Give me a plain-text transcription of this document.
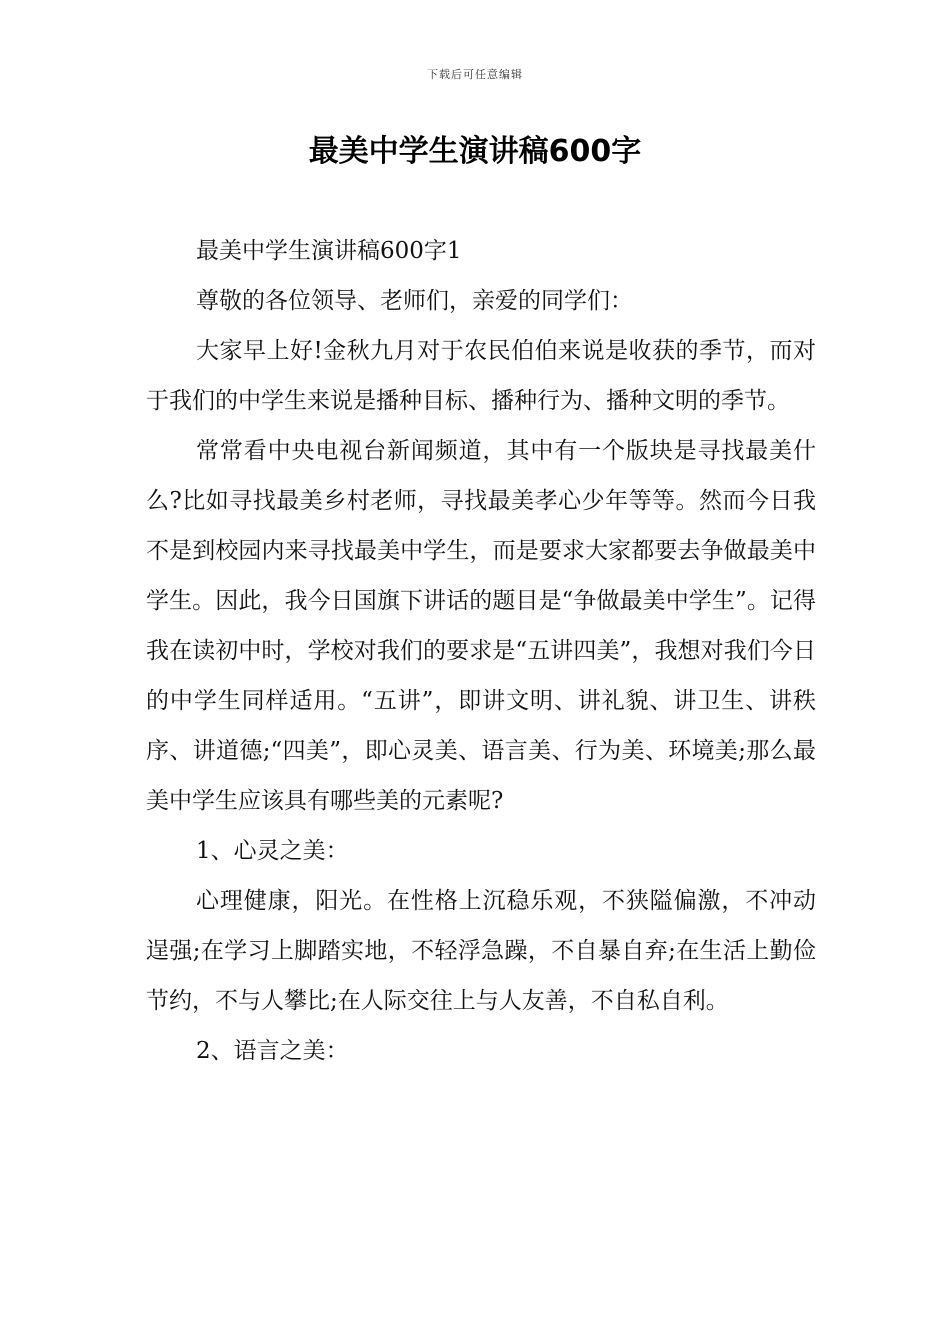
下载后可任意编辑
最美中学生演讲稿600字

最美中学生演讲稿600字1

尊敬的各位领导、老师们，亲爱的同学们：

大家早上好!金秋九月对于农民伯伯来说是收获的季节，而对于我们的中学生来说是播种目标、播种行为、播种文明的季节。

常常看中央电视台新闻频道，其中有一个版块是寻找最美什么?比如寻找最美乡村老师，寻找最美孝心少年等等。然而今日我不是到校园内来寻找最美中学生，而是要求大家都要去争做最美中学生。因此，我今日国旗下讲话的题目是“争做最美中学生”。记得我在读初中时，学校对我们的要求是“五讲四美”，我想对我们今日的中学生同样适用。“五讲”，即讲文明、讲礼貌、讲卫生、讲秩序、讲道德;“四美”，即心灵美、语言美、行为美、环境美;那么最美中学生应该具有哪些美的元素呢?

1、心灵之美：

心理健康，阳光。在性格上沉稳乐观，不狭隘偏激，不冲动逞强;在学习上脚踏实地，不轻浮急躁，不自暴自弃;在生活上勤俭节约，不与人攀比;在人际交往上与人友善，不自私自利。

2、语言之美：
